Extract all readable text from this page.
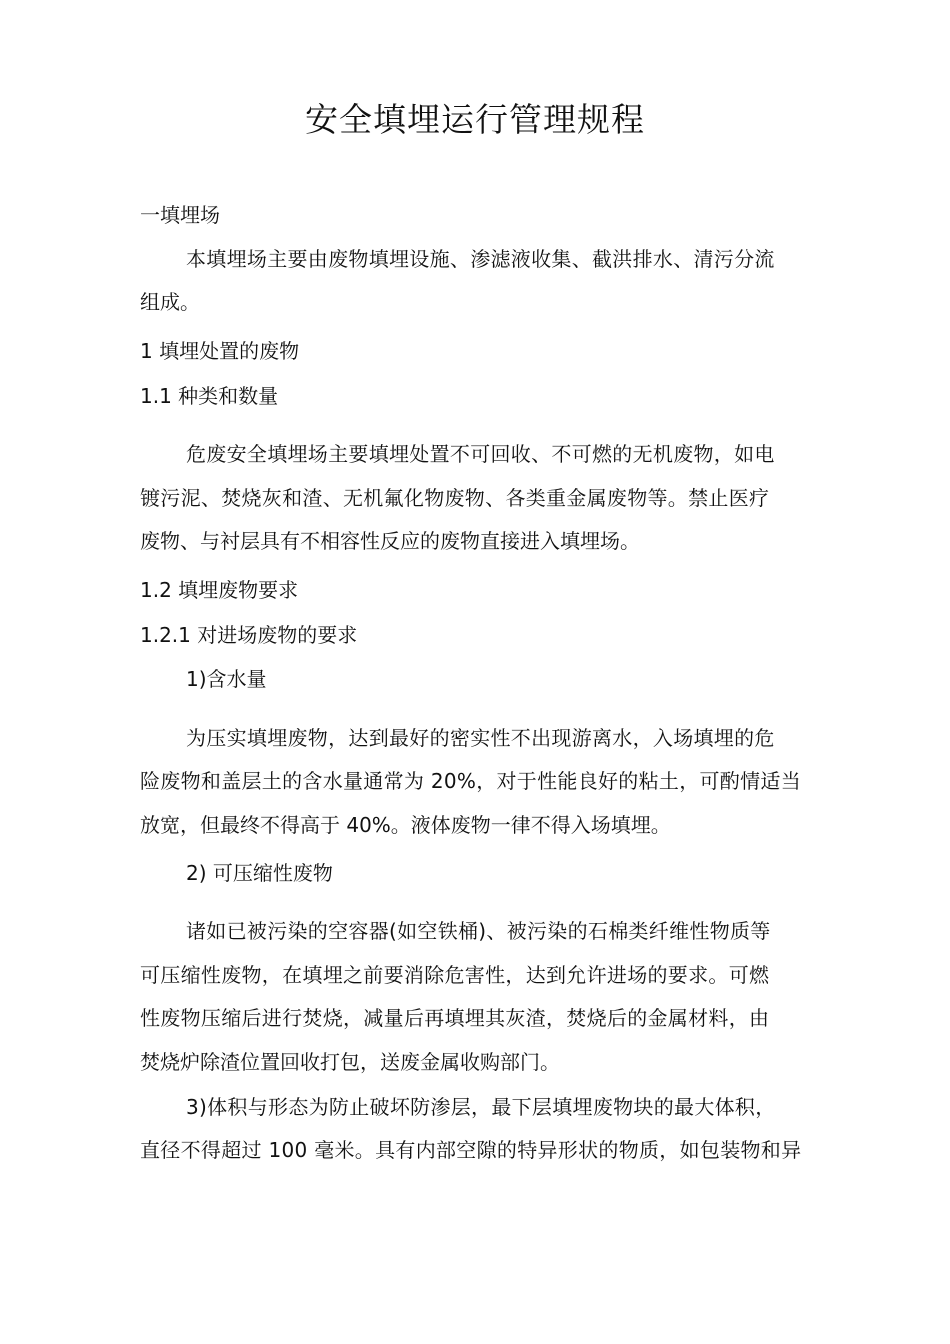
安全填埋运行管理规程

一填埋场

本填埋场主要由废物填埋设施、渗滤液收集、截洪排水、清污分流

组成。

1 填埋处置的废物

1.1 种类和数量

危废安全填埋场主要填埋处置不可回收、不可燃的无机废物，如电

镀污泥、焚烧灰和渣、无机氟化物废物、各类重金属废物等。禁止医疗

废物、与衬层具有不相容性反应的废物直接进入填埋场。

1.2 填埋废物要求

1.2.1 对进场废物的要求

1)含水量

为压实填埋废物，达到最好的密实性不出现游离水，入场填埋的危

险废物和盖层土的含水量通常为 20%，对于性能良好的粘土，可酌情适当

放宽，但最终不得高于 40%。液体废物一律不得入场填埋。

2) 可压缩性废物

诸如已被污染的空容器(如空铁桶)、被污染的石棉类纤维性物质等

可压缩性废物，在填埋之前要消除危害性，达到允许进场的要求。可燃

性废物压缩后进行焚烧，减量后再填埋其灰渣，焚烧后的金属材料，由

焚烧炉除渣位置回收打包，送废金属收购部门。

3)体积与形态为防止破坏防渗层，最下层填埋废物块的最大体积，

直径不得超过 100 毫米。具有内部空隙的特异形状的物质，如包装物和异
